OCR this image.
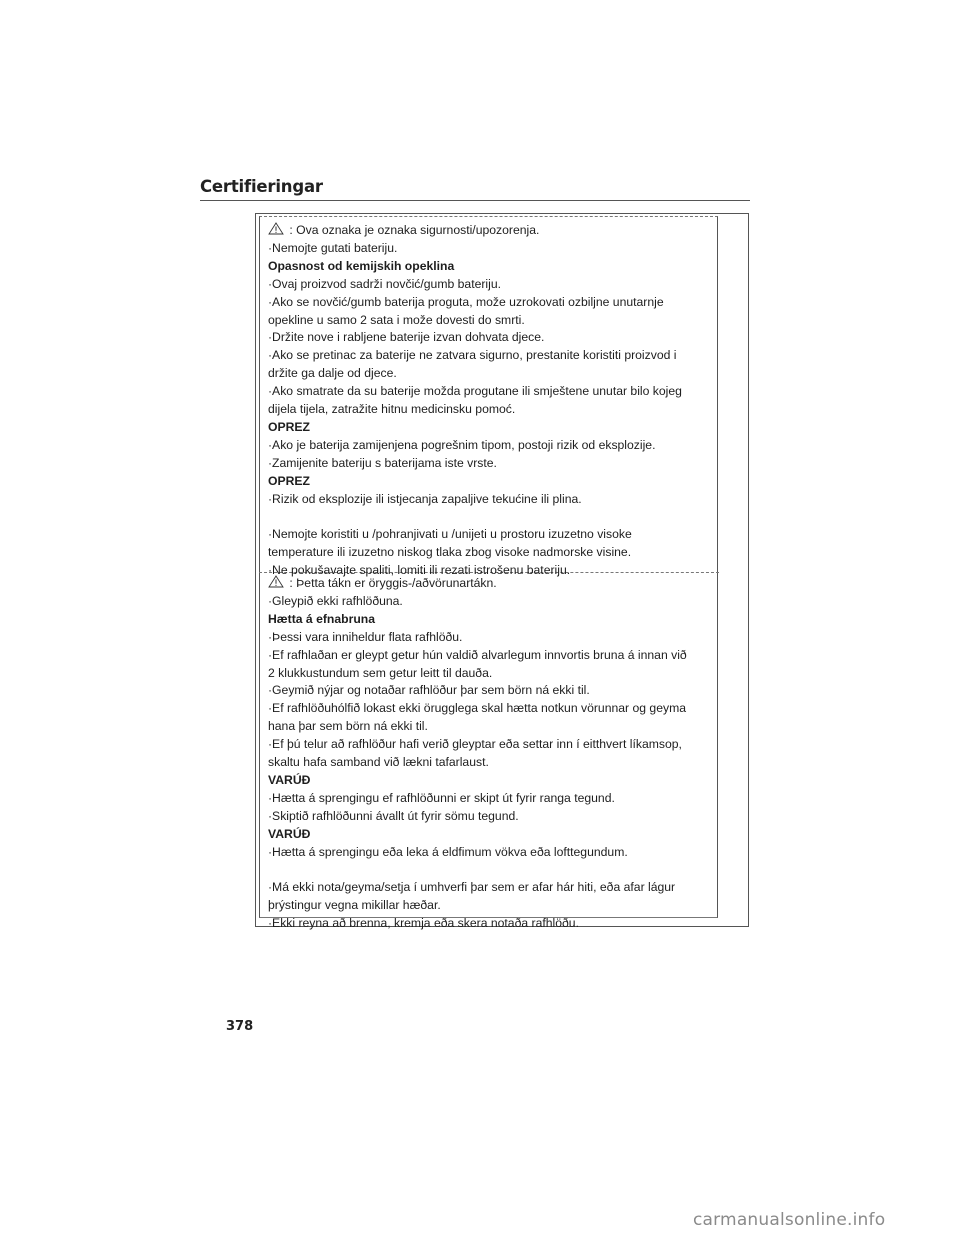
Certifieringar

: Ova oznaka je oznaka sigurnosti/upozorenja.

·Nemojte gutati bateriju.

Opasnost od kemijskih opeklina

·Ovaj proizvod sadrži novčić/gumb bateriju.

·Ako se novčić/gumb baterija proguta, može uzrokovati ozbiljne unutarnje

opekline u samo 2 sata i može dovesti do smrti.

·Držite nove i rabljene baterije izvan dohvata djece.

·Ako se pretinac za baterije ne zatvara sigurno, prestanite koristiti proizvod i

držite ga dalje od djece.

·Ako smatrate da su baterije možda progutane ili smještene unutar bilo kojeg

dijela tijela, zatražite hitnu medicinsku pomoć.

OPREZ

·Ako je baterija zamijenjena pogrešnim tipom, postoji rizik od eksplozije.

·Zamijenite bateriju s baterijama iste vrste.

OPREZ

·Rizik od eksplozije ili istjecanja zapaljive tekućine ili plina.

·Nemojte koristiti u /pohranjivati u /unijeti u prostoru izuzetno visoke

temperature ili izuzetno niskog tlaka zbog visoke nadmorske visine.

·Ne pokušavajte spaliti, lomiti ili rezati istrošenu bateriju.

: Þetta tákn er öryggis-/aðvörunartákn.

·Gleypið ekki rafhlöðuna.

Hætta á efnabruna

·Þessi vara inniheldur flata rafhlöðu.

·Ef rafhlaðan er gleypt getur hún valdið alvarlegum innvortis bruna á innan við

2 klukkustundum sem getur leitt til dauða.

·Geymið nýjar og notaðar rafhlöður þar sem börn ná ekki til.

·Ef rafhlöðuhólfið lokast ekki örugglega skal hætta notkun vörunnar og geyma

hana þar sem börn ná ekki til.

·Ef þú telur að rafhlöður hafi verið gleyptar eða settar inn í eitthvert líkamsop,

skaltu hafa samband við lækni tafarlaust.

VARÚÐ

·Hætta á sprengingu ef rafhlöðunni er skipt út fyrir ranga tegund.

·Skiptið rafhlöðunni ávallt út fyrir sömu tegund.

VARÚÐ

·Hætta á sprengingu eða leka á eldfimum vökva eða lofttegundum.

·Má ekki nota/geyma/setja í umhverfi þar sem er afar hár hiti, eða afar lágur

þrýstingur vegna mikillar hæðar.

·Ekki reyna að brenna, kremja eða skera notaða rafhlöðu.

378
carmanualsonline.info
